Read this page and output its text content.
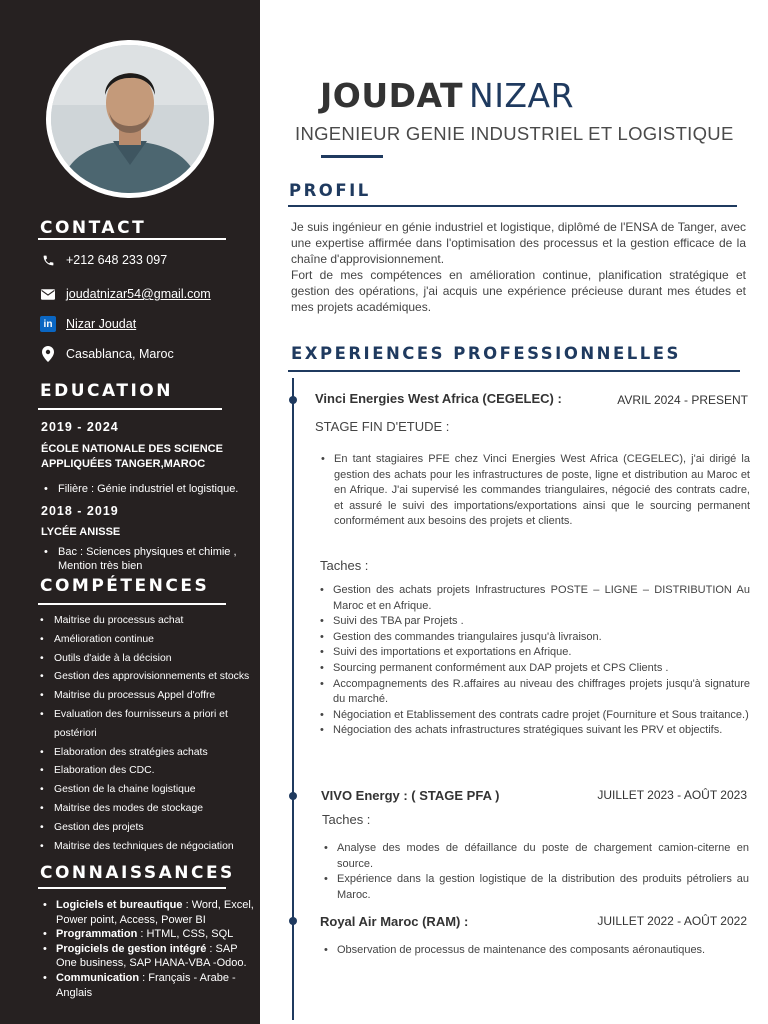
CONTACT
+212 648 233 097
joudatnizar54@gmail.com
in Nizar Joudat
Casablanca, Maroc
EDUCATION
2019 - 2024
ÉCOLE NATIONALE DES SCIENCE APPLIQUÉES TANGER,MAROC
• Filière : Génie industriel et logistique.
2018 - 2019
LYCÉE ANISSE
• Bac : Sciences physiques et chimie , Mention très bien
COMPÉTENCES
• Maitrise du processus achat
• Amélioration continue
• Outils d'aide à la décision
• Gestion des approvisionnements et stocks
• Maitrise du processus Appel d'offre
• Evaluation des fournisseurs a priori et postériori
• Elaboration des stratégies achats
• Elaboration des CDC.
• Gestion de la chaine logistique
• Maitrise des modes de stockage
• Gestion des projets
• Maitrise des techniques de négociation
CONNAISSANCES
• Logiciels et bureautique : Word, Excel, Power point, Access, Power BI
• Programmation : HTML, CSS, SQL
• Progiciels de gestion intégré : SAP One business, SAP HANA-VBA -Odoo.
• Communication : Français - Arabe - Anglais
JOUDAT NIZAR
INGENIEUR GENIE INDUSTRIEL ET LOGISTIQUE
PROFIL
Je suis ingénieur en génie industriel et logistique, diplômé de l'ENSA de Tanger, avec une expertise affirmée dans l'optimisation des processus et la gestion efficace de la chaîne d'approvisionnement.
Fort de mes compétences en amélioration continue, planification stratégique et gestion des opérations, j'ai acquis une expérience précieuse durant mes études et mes projets académiques.
EXPERIENCES PROFESSIONNELLES
Vinci Energies West Africa (CEGELEC) :	AVRIL 2024 - PRESENT
STAGE FIN D'ETUDE :
• En tant stagiaires PFE chez Vinci Energies West Africa (CEGELEC), j'ai dirigé la gestion des achats pour les infrastructures de poste, ligne et distribution au Maroc et en Afrique. J'ai supervisé les commandes triangulaires, négocié des contrats cadre, et assuré le suivi des importations/exportations ainsi que le sourcing permanent conformément aux besoins des projets et clients.
Taches :
• Gestion des achats projets Infrastructures POSTE – LIGNE – DISTRIBUTION Au Maroc et en Afrique.
• Suivi des TBA par Projets .
• Gestion des commandes triangulaires jusqu'à livraison.
• Suivi des importations et exportations en Afrique.
• Sourcing permanent conformément aux DAP projets et CPS Clients .
• Accompagnements des R.affaires au niveau des chiffrages projets jusqu'à signature du marché.
• Négociation et Etablissement des contrats cadre projet (Fourniture et Sous traitance.)
• Négociation des achats infrastructures stratégiques suivant les PRV et objectifs.
VIVO Energy : ( STAGE PFA )	JUILLET 2023 - AOÛT 2023
Taches :
• Analyse des modes de défaillance du poste de chargement camion-citerne en source.
• Expérience dans la gestion logistique de la distribution des produits pétroliers au Maroc.
Royal Air Maroc (RAM) :	JUILLET 2022 - AOÛT 2022
• Observation de processus de maintenance des composants aéronautiques.
